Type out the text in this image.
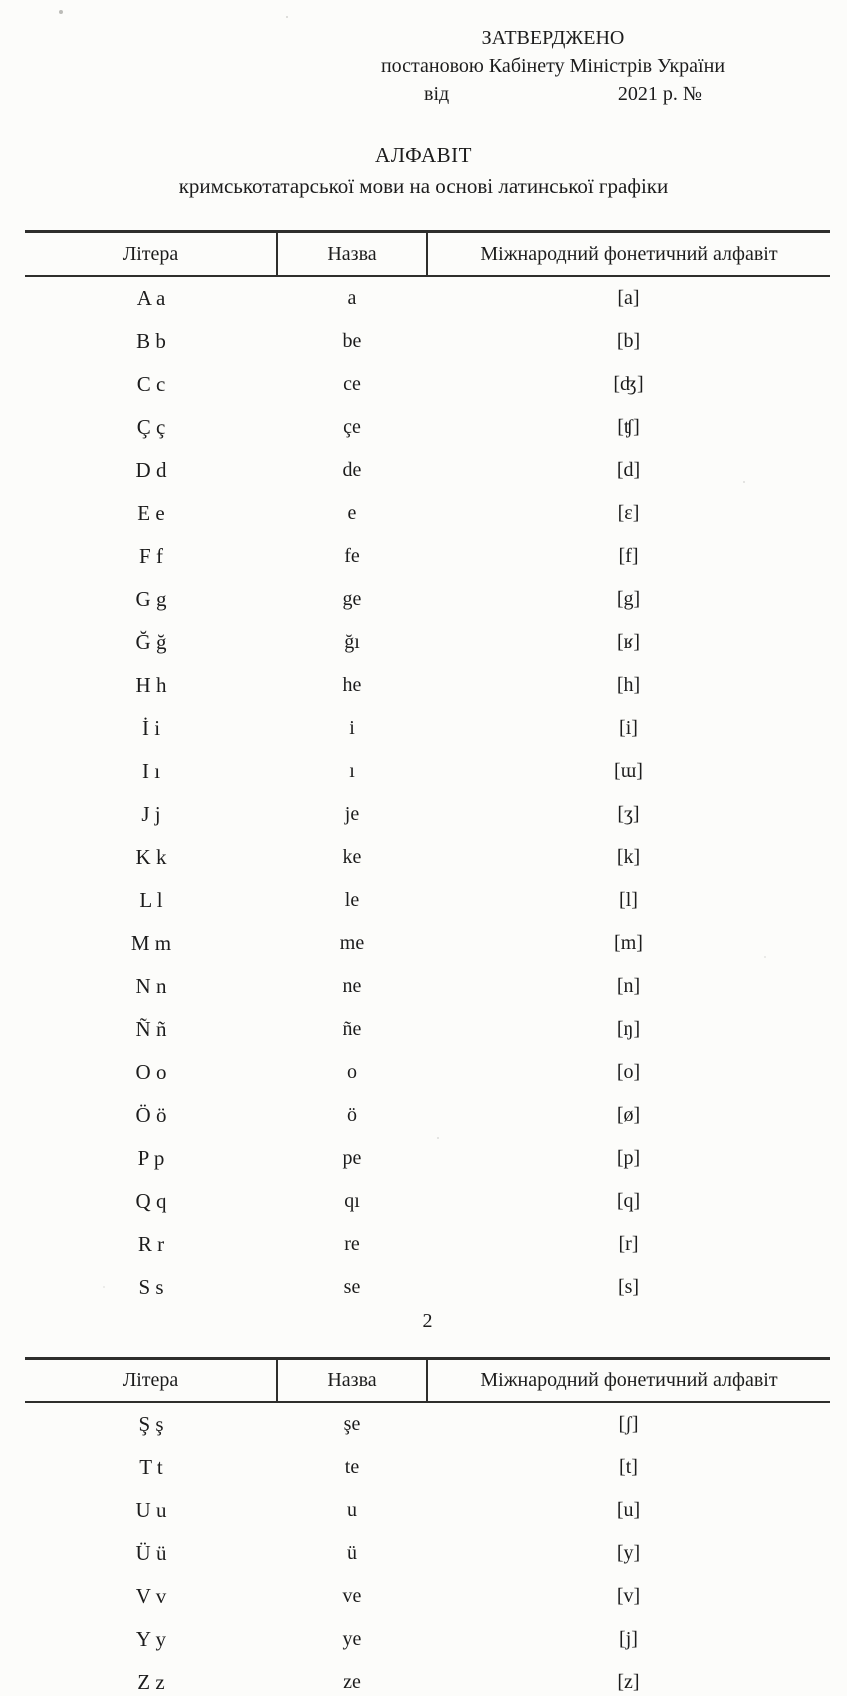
ЗАТВЕРДЖЕНО
постановою Кабінету Міністрів України
від	2021 р. №
АЛФАВІТ
кримськотатарської мови на основі латинської графіки
Літера	Назва	Міжнародний фонетичний алфавіт
A a	a	[a]
B b	be	[b]
C c	ce	[ʤ]
Ç ç	çe	[ʧ]
D d	de	[d]
E e	e	[ɛ]
F f	fe	[f]
G g	ge	[g]
Ğ ğ	ğı	[ʁ]
H h	he	[h]
İ i	i	[i]
I ı	ı	[ɯ]
J j	je	[ʒ]
K k	ke	[k]
L l	le	[l]
M m	me	[m]
N n	ne	[n]
Ñ ñ	ñe	[ŋ]
O o	o	[o]
Ö ö	ö	[ø]
P p	pe	[p]
Q q	qı	[q]
R r	re	[r]
S s	se	[s]
2
Літера	Назва	Міжнародний фонетичний алфавіт
Ş ş	şe	[ʃ]
T t	te	[t]
U u	u	[u]
Ü ü	ü	[y]
V v	ve	[v]
Y y	ye	[j]
Z z	ze	[z]
